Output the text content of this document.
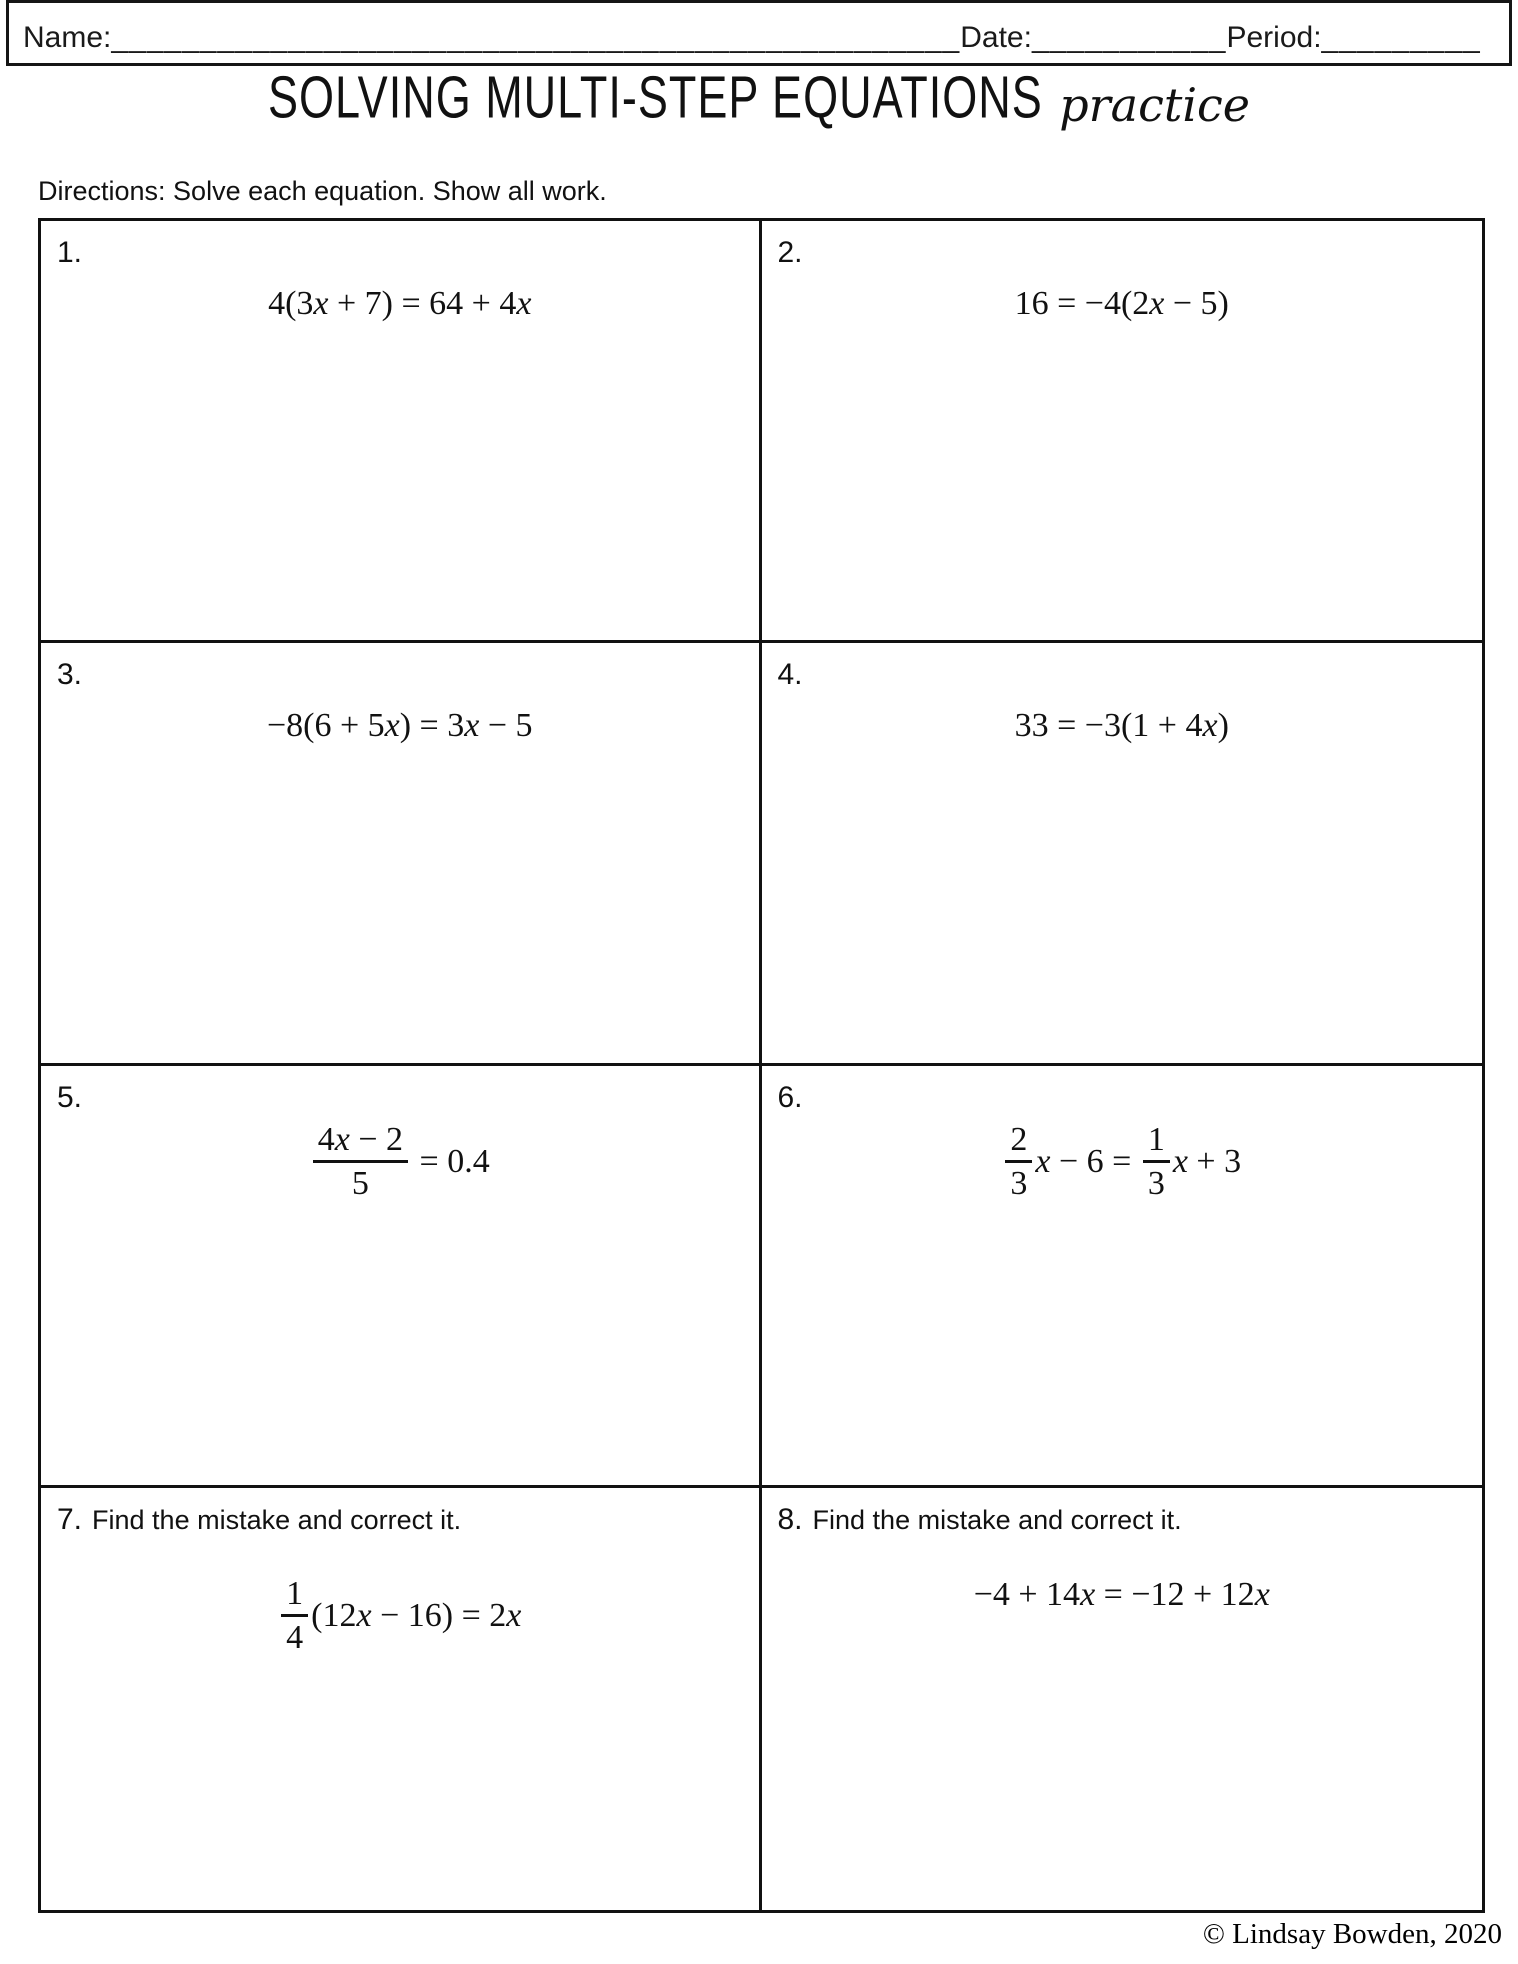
Name: ________________________________________________ Date: ___________ Period: _________
SOLVING MULTI-STEP EQUATIONS practice
Directions: Solve each equation. Show all work.
1.
4(3 x + 7) = 64 + 4 x
2.
16 = −4(2 x − 5)
3.
−8(6 + 5 x ) = 3 x − 5
4.
33 = −3(1 + 4 x )
5.
$\frac{4x - 2}{5} = 0.4$
6.
$\frac{2}{3}$ $x - 6 = \frac{1}{3}$ x + 3
7. Find the mistake and correct it.
$\frac{1}{4} (12$ x − 16) = 2 x
8. Find the mistake and correct it.
−4 + 14 x = −12 + 12 x
© Lindsay Bowden, 2020
